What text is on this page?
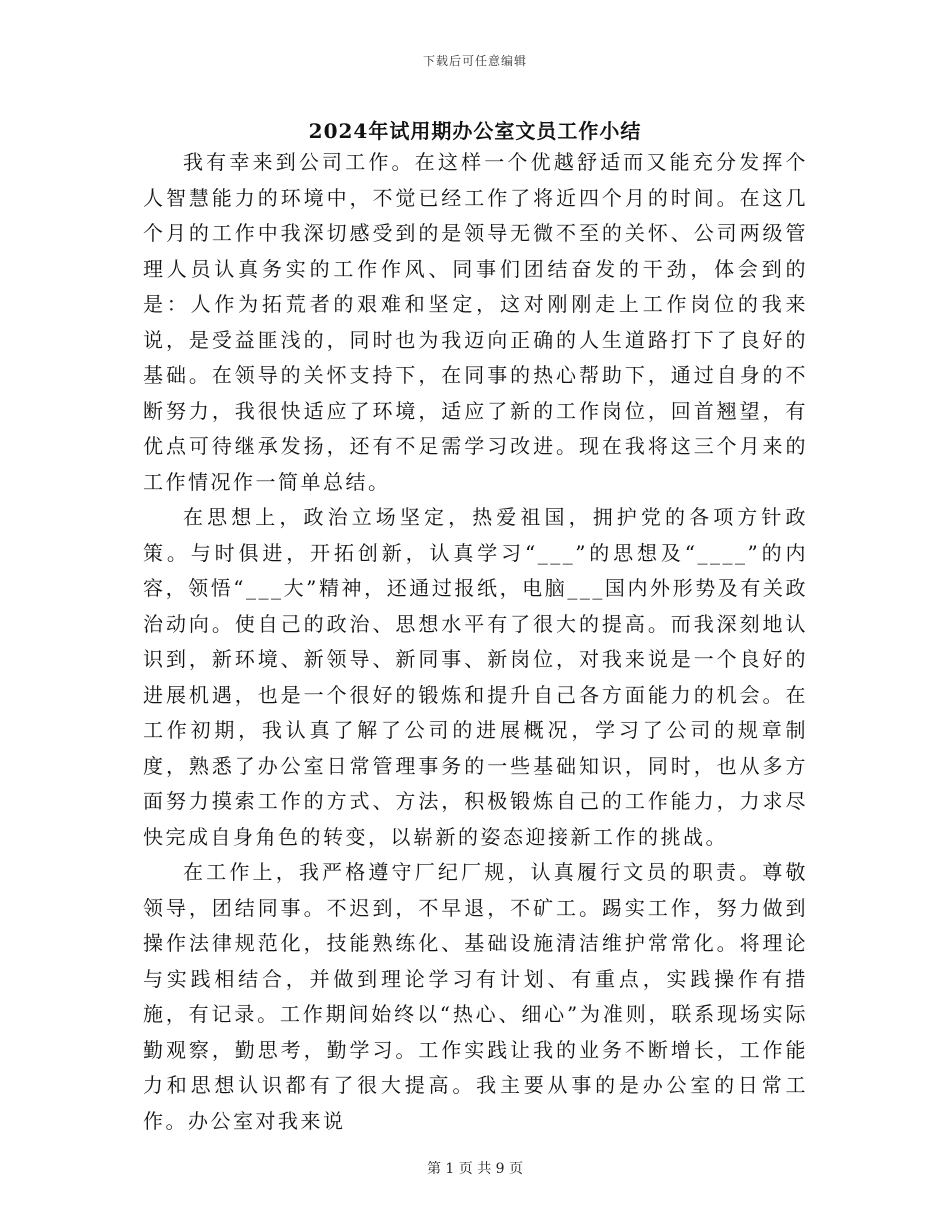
下载后可任意编辑
2024年试用期办公室文员工作小结

我有幸来到公司工作。在这样一个优越舒适而又能充分发挥个人智慧能力的环境中，不觉已经工作了将近四个月的时间。在这几个月的工作中我深切感受到的是领导无微不至的关怀、公司两级管理人员认真务实的工作作风、同事们团结奋发的干劲，体会到的是：人作为拓荒者的艰难和坚定，这对刚刚走上工作岗位的我来说，是受益匪浅的，同时也为我迈向正确的人生道路打下了良好的基础。在领导的关怀支持下，在同事的热心帮助下，通过自身的不断努力，我很快适应了环境，适应了新的工作岗位，回首翘望，有优点可待继承发扬，还有不足需学习改进。现在我将这三个月来的工作情况作一简单总结。

在思想上，政治立场坚定，热爱祖国，拥护党的各项方针政策。与时俱进，开拓创新，认真学习“___”的思想及“____”的内容，领悟“___大”精神，还通过报纸，电脑___国内外形势及有关政治动向。使自己的政治、思想水平有了很大的提高。而我深刻地认识到，新环境、新领导、新同事、新岗位，对我来说是一个良好的进展机遇，也是一个很好的锻炼和提升自己各方面能力的机会。在工作初期，我认真了解了公司的进展概况，学习了公司的规章制度，熟悉了办公室日常管理事务的一些基础知识，同时，也从多方面努力摸索工作的方式、方法，积极锻炼自己的工作能力，力求尽快完成自身角色的转变，以崭新的姿态迎接新工作的挑战。

在工作上，我严格遵守厂纪厂规，认真履行文员的职责。尊敬领导，团结同事。不迟到，不早退，不矿工。踢实工作，努力做到操作法律规范化，技能熟练化、基础设施清洁维护常常化。将理论与实践相结合，并做到理论学习有计划、有重点，实践操作有措施，有记录。工作期间始终以“热心、细心”为准则，联系现场实际勤观察，勤思考，勤学习。工作实践让我的业务不断增长，工作能力和思想认识都有了很大提高。我主要从事的是办公室的日常工作。办公室对我来说

第 1 页 共 9 页
